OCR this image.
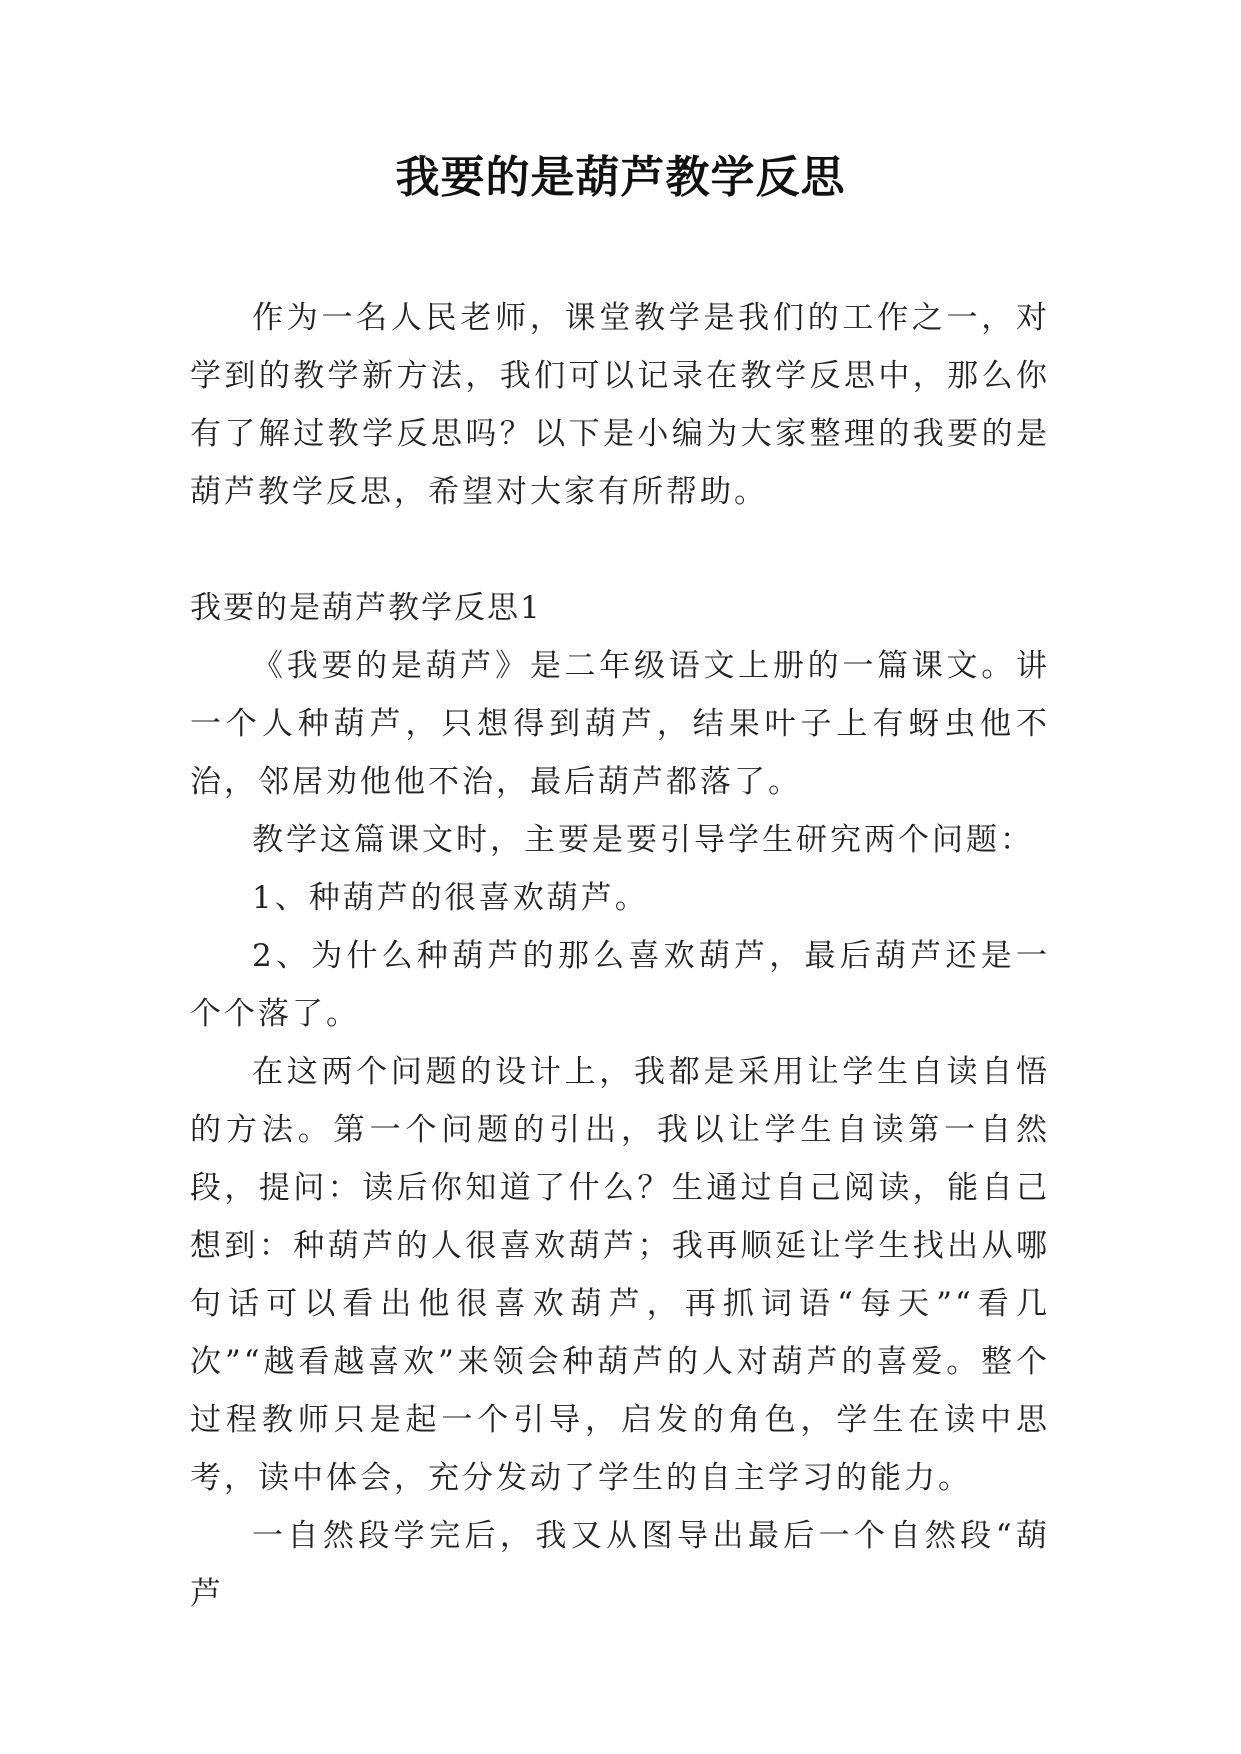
我要的是葫芦教学反思

作为一名人民老师，课堂教学是我们的工作之一，对学到的教学新方法，我们可以记录在教学反思中，那么你有了解过教学反思吗？以下是小编为大家整理的我要的是葫芦教学反思，希望对大家有所帮助。

我要的是葫芦教学反思1

《我要的是葫芦》是二年级语文上册的一篇课文。讲一个人种葫芦，只想得到葫芦，结果叶子上有蚜虫他不治，邻居劝他他不治，最后葫芦都落了。

教学这篇课文时，主要是要引导学生研究两个问题：

1、种葫芦的很喜欢葫芦。

2、为什么种葫芦的那么喜欢葫芦，最后葫芦还是一个个落了。

在这两个问题的设计上，我都是采用让学生自读自悟的方法。第一个问题的引出，我以让学生自读第一自然段，提问：读后你知道了什么？生通过自己阅读，能自己想到：种葫芦的人很喜欢葫芦；我再顺延让学生找出从哪句话可以看出他很喜欢葫芦，再抓词语“每天”“看几次”“越看越喜欢”来领会种葫芦的人对葫芦的喜爱。整个过程教师只是起一个引导，启发的角色，学生在读中思考，读中体会，充分发动了学生的自主学习的能力。

一自然段学完后，我又从图导出最后一个自然段“葫芦
